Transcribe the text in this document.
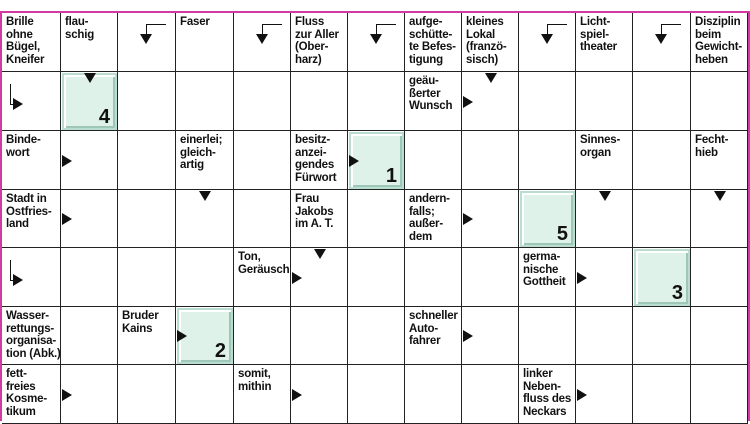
Brille
ohne
Bügel,
Kneifer
flau-
schig
Faser	Fluss
zur Aller
(Ober-
harz)
aufge-
schütte-
te Befes-
tigung
kleines
Lokal
(franzö-
sisch)
Licht-
spiel-
theater
Disziplin
beim
Gewicht-
heben
geäu-
ßerter
Wunsch
Binde-
wort
einerlei;
gleich-
artig
besitz-
anzei-
gendes
Fürwort
Sinnes-
organ
Fecht-
hieb
Stadt in
Ostfries-
land
Frau
Jakobs
im A. T.
andern-
falls;
außer-
dem
Ton,
Geräusch
germa-
nische
Gottheit
Wasser-
rettungs-
organisa-
tion (Abk.)
Bruder
Kains
schneller
Auto-
fahrer
fett-
freies
Kosme-
tikum
somit,
mithin
linker
Neben-
fluss des
Neckars
4
1
5
3
2
